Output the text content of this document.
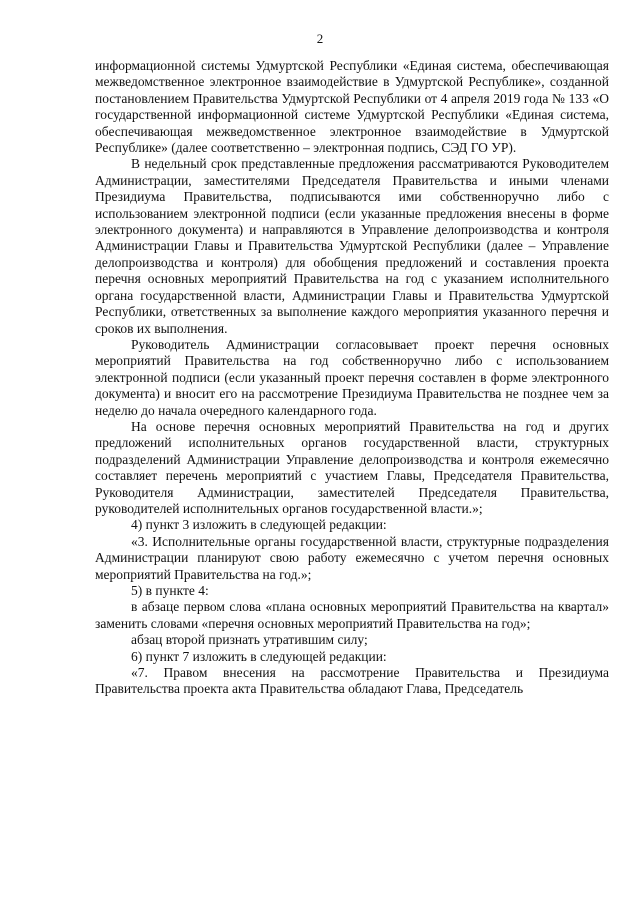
2

информационной системы Удмуртской Республики «Единая система, обеспечивающая межведомственное электронное взаимодействие в Удмуртской Республике», созданной постановлением Правительства Удмуртской Республики от 4 апреля 2019 года № 133 «О государственной информационной системе Удмуртской Республики «Единая система, обеспечивающая межведомственное электронное взаимодействие в Удмуртской Республике» (далее соответственно – электронная подпись, СЭД ГО УР).

В недельный срок представленные предложения рассматриваются Руководителем Администрации, заместителями Председателя Правительства и иными членами Президиума Правительства, подписываются ими собственноручно либо с использованием электронной подписи (если указанные предложения внесены в форме электронного документа) и направляются в Управление делопроизводства и контроля Администрации Главы и Правительства Удмуртской Республики (далее – Управление делопроизводства и контроля) для обобщения предложений и составления проекта перечня основных мероприятий Правительства на год с указанием исполнительного органа государственной власти, Администрации Главы и Правительства Удмуртской Республики, ответственных за выполнение каждого мероприятия указанного перечня и сроков их выполнения.

Руководитель Администрации согласовывает проект перечня основных мероприятий Правительства на год собственноручно либо с использованием электронной подписи (если указанный проект перечня составлен в форме электронного документа) и вносит его на рассмотрение Президиума Правительства не позднее чем за неделю до начала очередного календарного года.

На основе перечня основных мероприятий Правительства на год и других предложений исполнительных органов государственной власти, структурных подразделений Администрации Управление делопроизводства и контроля ежемесячно составляет перечень мероприятий с участием Главы, Председателя Правительства, Руководителя Администрации, заместителей Председателя Правительства, руководителей исполнительных органов государственной власти.»;

4) пункт 3 изложить в следующей редакции:

«3. Исполнительные органы государственной власти, структурные подразделения Администрации планируют свою работу ежемесячно с учетом перечня основных мероприятий Правительства на год.»;

5) в пункте 4:

в абзаце первом слова «плана основных мероприятий Правительства на квартал» заменить словами «перечня основных мероприятий Правительства на год»;

абзац второй признать утратившим силу;

6) пункт 7 изложить в следующей редакции:

«7. Правом внесения на рассмотрение Правительства и Президиума Правительства проекта акта Правительства обладают Глава, Председатель
